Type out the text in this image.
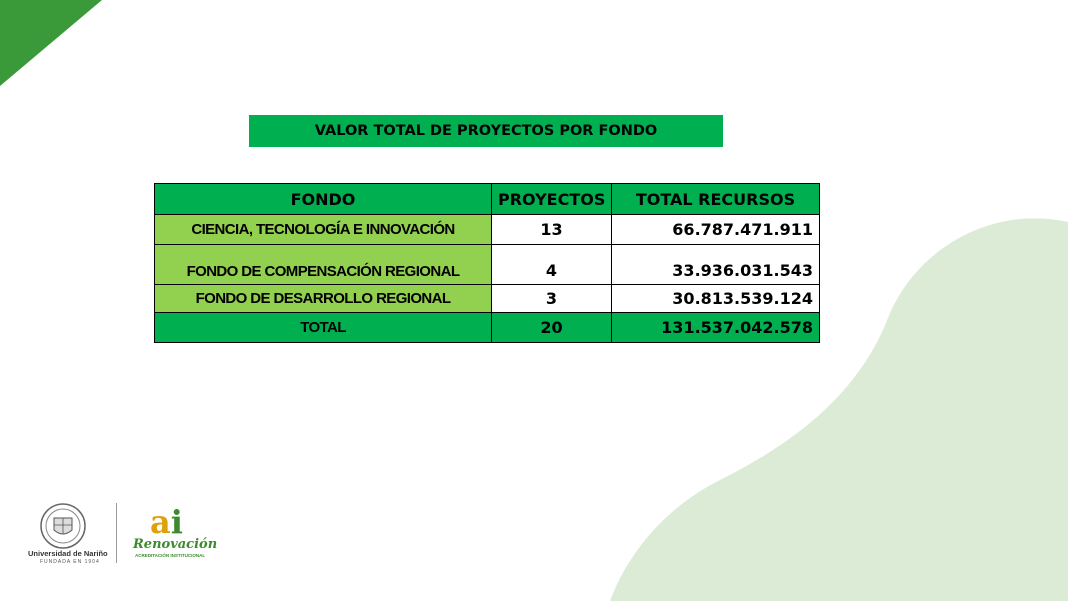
VALOR TOTAL DE PROYECTOS POR FONDO
FONDO	PROYECTOS	TOTAL RECURSOS
CIENCIA, TECNOLOGÍA E INNOVACIÓN	13	66.787.471.911
FONDO DE COMPENSACIÓN REGIONAL	4	33.936.031.543
FONDO DE DESARROLLO REGIONAL	3	30.813.539.124
TOTAL	20	131.537.042.578
Universidad de Nariño
FUNDADA EN 1904
ai
Renovación
ACREDITACIÓN INSTITUCIONAL
